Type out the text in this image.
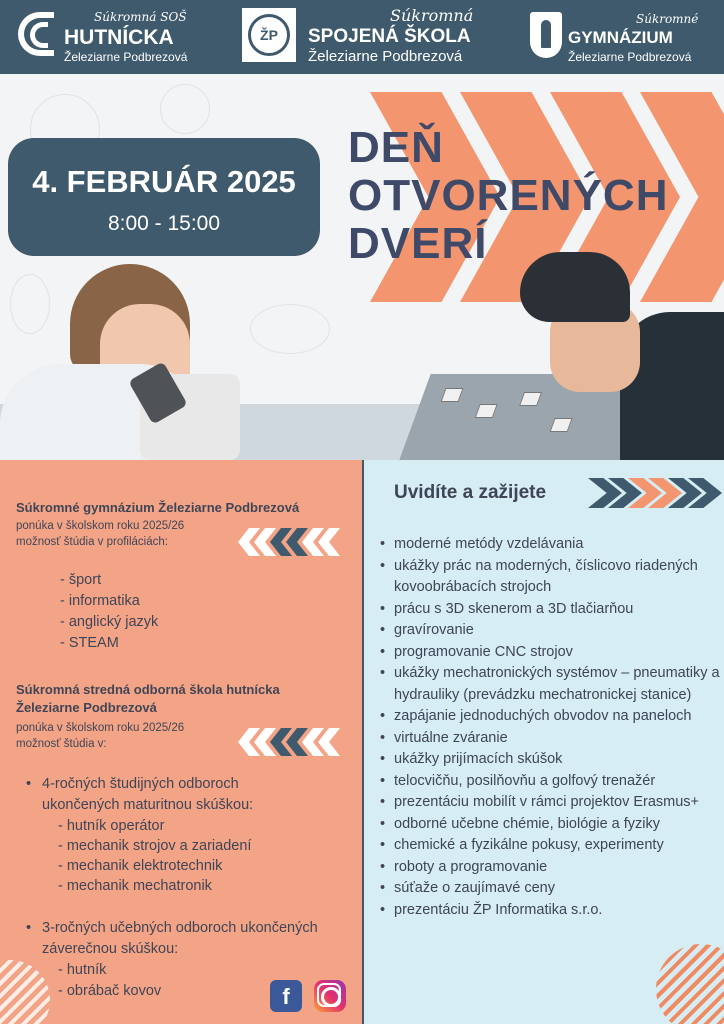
Súkromná SOŠ
HUTNÍCKA
Železiarne Podbrezová
ŽP
Súkromná
SPOJENÁ ŠKOLA
Železiarne Podbrezová
Súkromné
GYMNÁZIUM
Železiarne Podbrezová
4. FEBRUÁR 2025
8:00 - 15:00
DEŇ
OTVORENÝCH
DVERÍ
Súkromné gymnázium Železiarne Podbrezová
ponúka v školskom roku 2025/26
možnosť štúdia v profiláciách:
- šport
- informatika
- anglický jazyk
- STEAM
Súkromná stredná odborná škola hutnícka
Železiarne Podbrezová
ponúka v školskom roku 2025/26
možnosť štúdia v:
• 4-ročných študijných odboroch
ukončených maturitnou skúškou:
- hutník operátor
- mechanik strojov a zariadení
- mechanik elektrotechnik
- mechanik mechatronik
• 3-ročných učebných odboroch ukončených
záverečnou skúškou:
- hutník
- obrábač kovov	f
Uvidíte a zažijete
• moderné metódy vzdelávania
• ukážky prác na moderných, číslicovo riadených kovoobrábacích strojoch
• prácu s 3D skenerom a 3D tlačiarňou
• gravírovanie
• programovanie CNC strojov
• ukážky mechatronických systémov – pneumatiky a hydrauliky (prevádzku mechatronickej stanice)
• zapájanie jednoduchých obvodov na paneloch
• virtuálne zváranie
• ukážky prijímacích skúšok
• telocvičňu, posilňovňu a golfový trenažér
• prezentáciu mobilít v rámci projektov Erasmus+
• odborné učebne chémie, biológie a fyziky
• chemické a fyzikálne pokusy, experimenty
• roboty a programovanie
• súťaže o zaujímavé ceny
• prezentáciu ŽP Informatika s.r.o.
